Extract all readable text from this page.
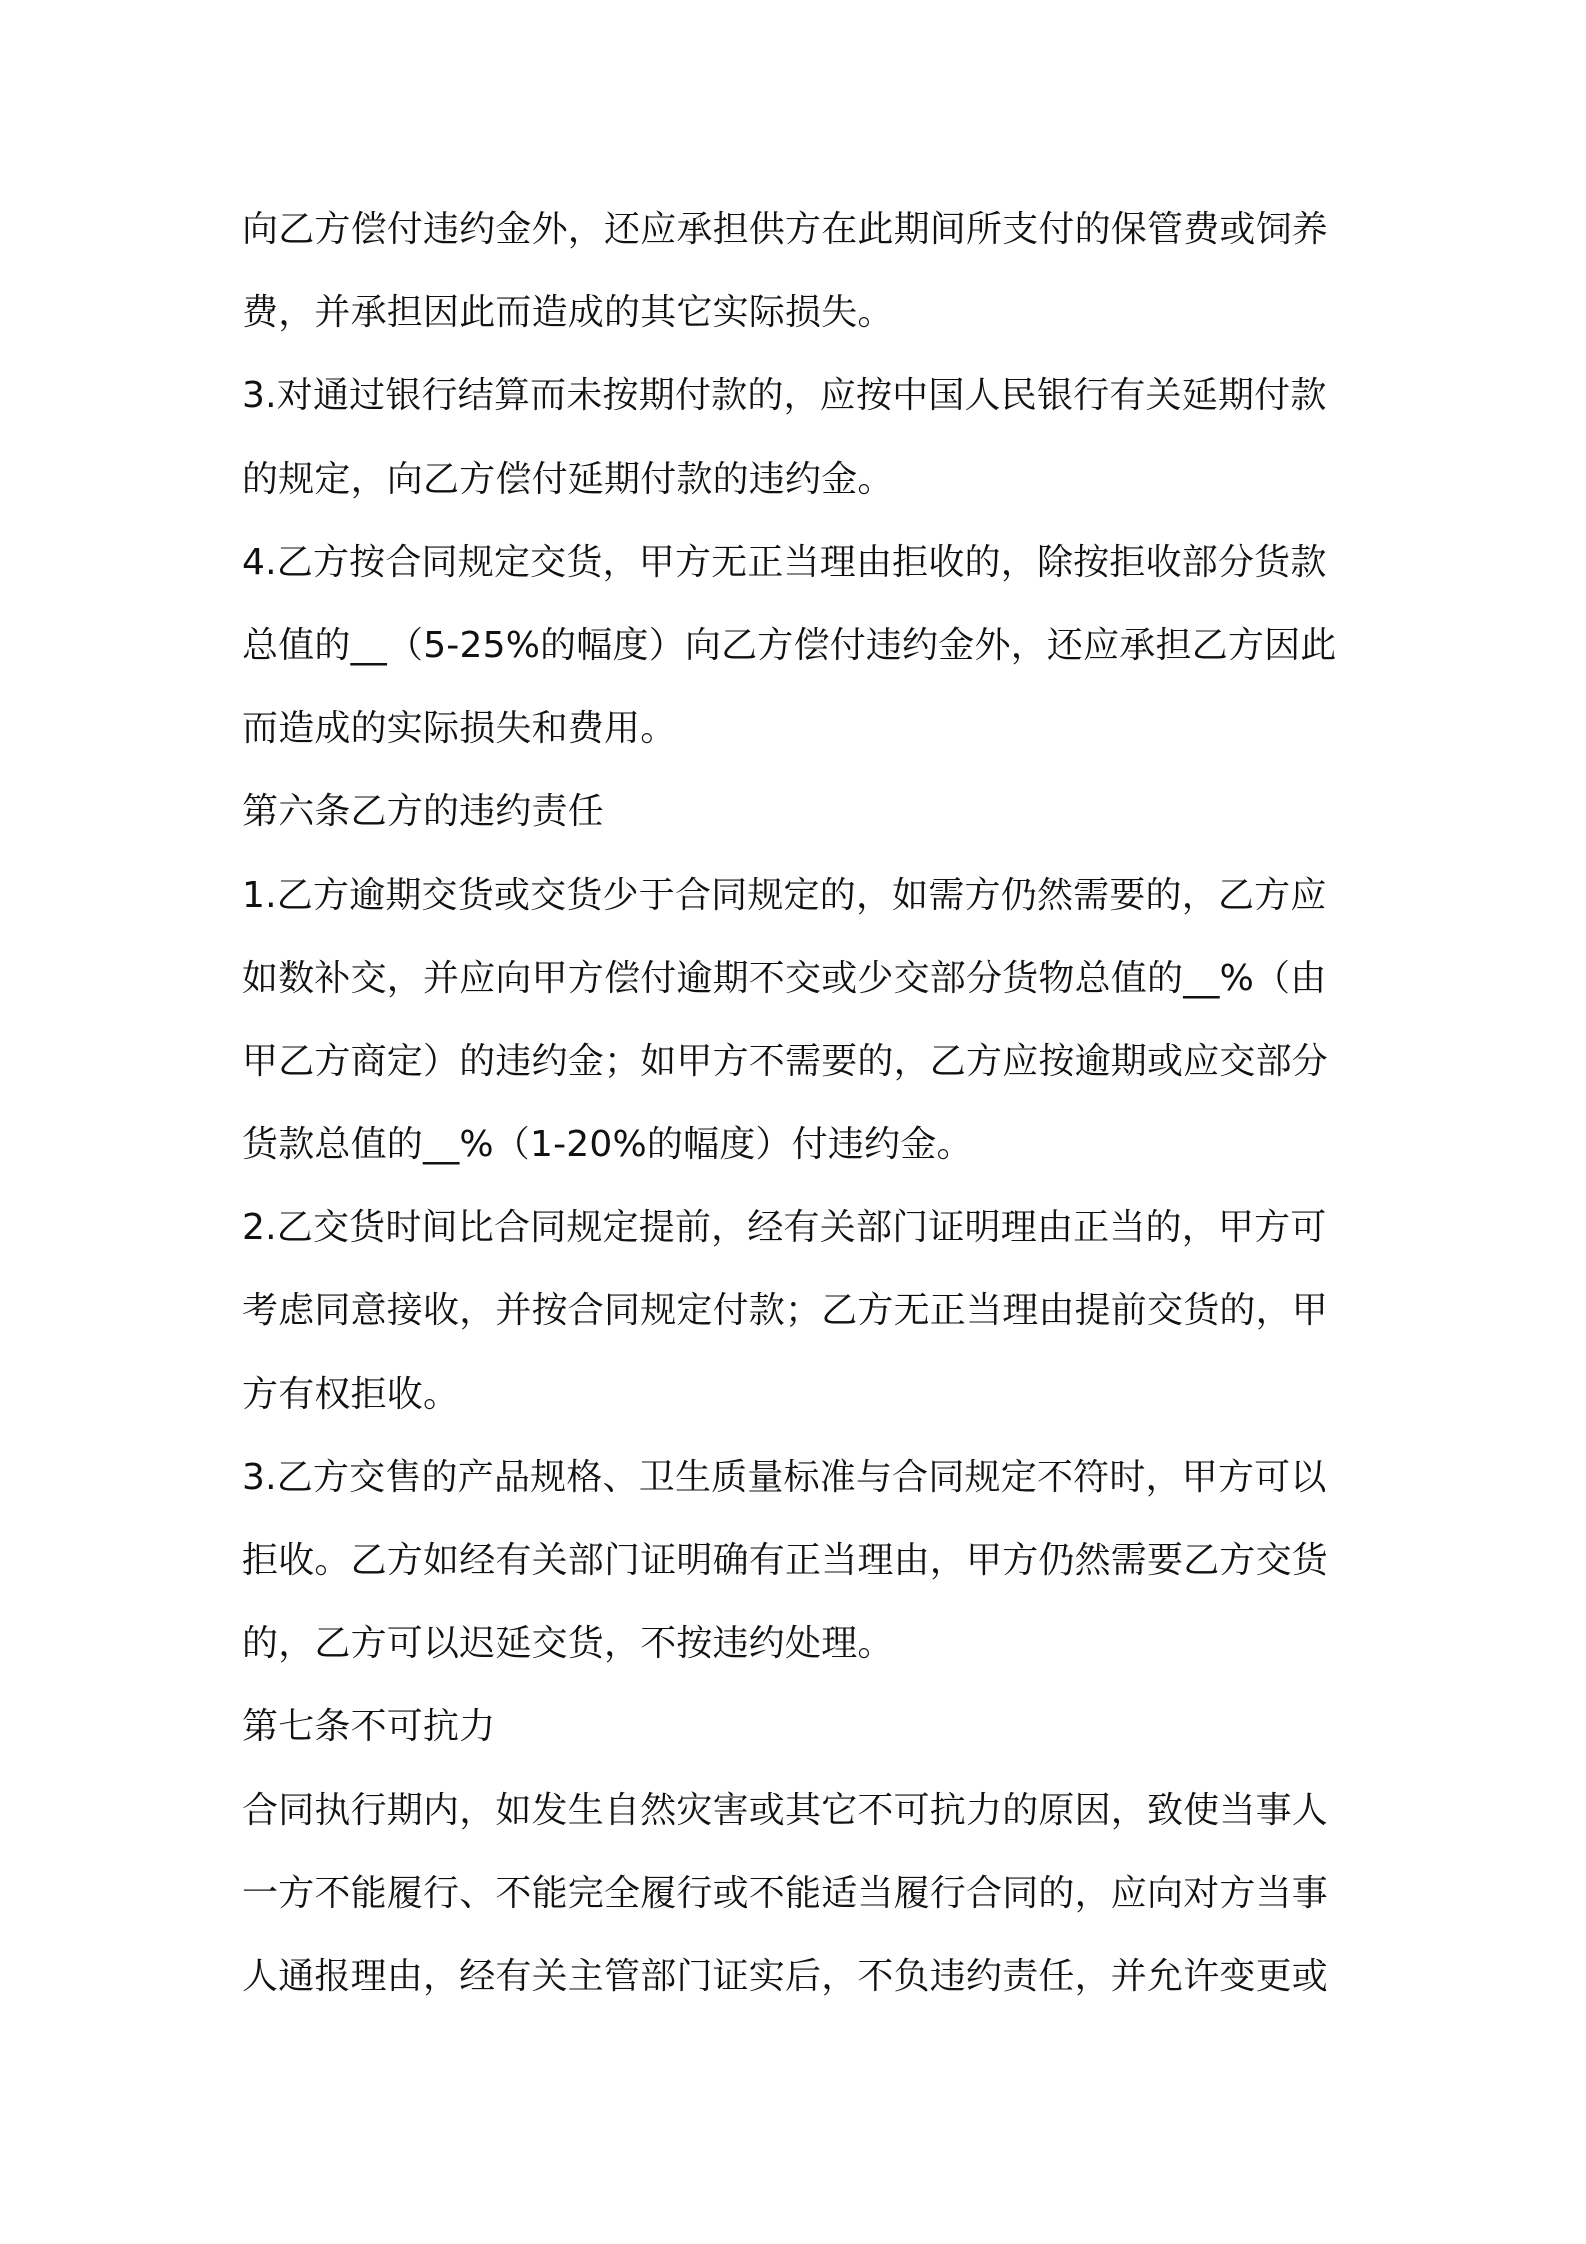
向乙方偿付违约金外，还应承担供方在此期间所支付的保管费或饲养
费，并承担因此而造成的其它实际损失。
3.对通过银行结算而未按期付款的，应按中国人民银行有关延期付款
的规定，向乙方偿付延期付款的违约金。
4.乙方按合同规定交货，甲方无正当理由拒收的，除按拒收部分货款
总值的__（5-25%的幅度）向乙方偿付违约金外，还应承担乙方因此
而造成的实际损失和费用。
第六条乙方的违约责任
1.乙方逾期交货或交货少于合同规定的，如需方仍然需要的，乙方应
如数补交，并应向甲方偿付逾期不交或少交部分货物总值的__%（由
甲乙方商定）的违约金；如甲方不需要的，乙方应按逾期或应交部分
货款总值的__%（1-20%的幅度）付违约金。
2.乙交货时间比合同规定提前，经有关部门证明理由正当的，甲方可
考虑同意接收，并按合同规定付款；乙方无正当理由提前交货的，甲
方有权拒收。
3.乙方交售的产品规格、卫生质量标准与合同规定不符时，甲方可以
拒收。乙方如经有关部门证明确有正当理由，甲方仍然需要乙方交货
的，乙方可以迟延交货，不按违约处理。
第七条不可抗力
合同执行期内，如发生自然灾害或其它不可抗力的原因，致使当事人
一方不能履行、不能完全履行或不能适当履行合同的，应向对方当事
人通报理由，经有关主管部门证实后，不负违约责任，并允许变更或
